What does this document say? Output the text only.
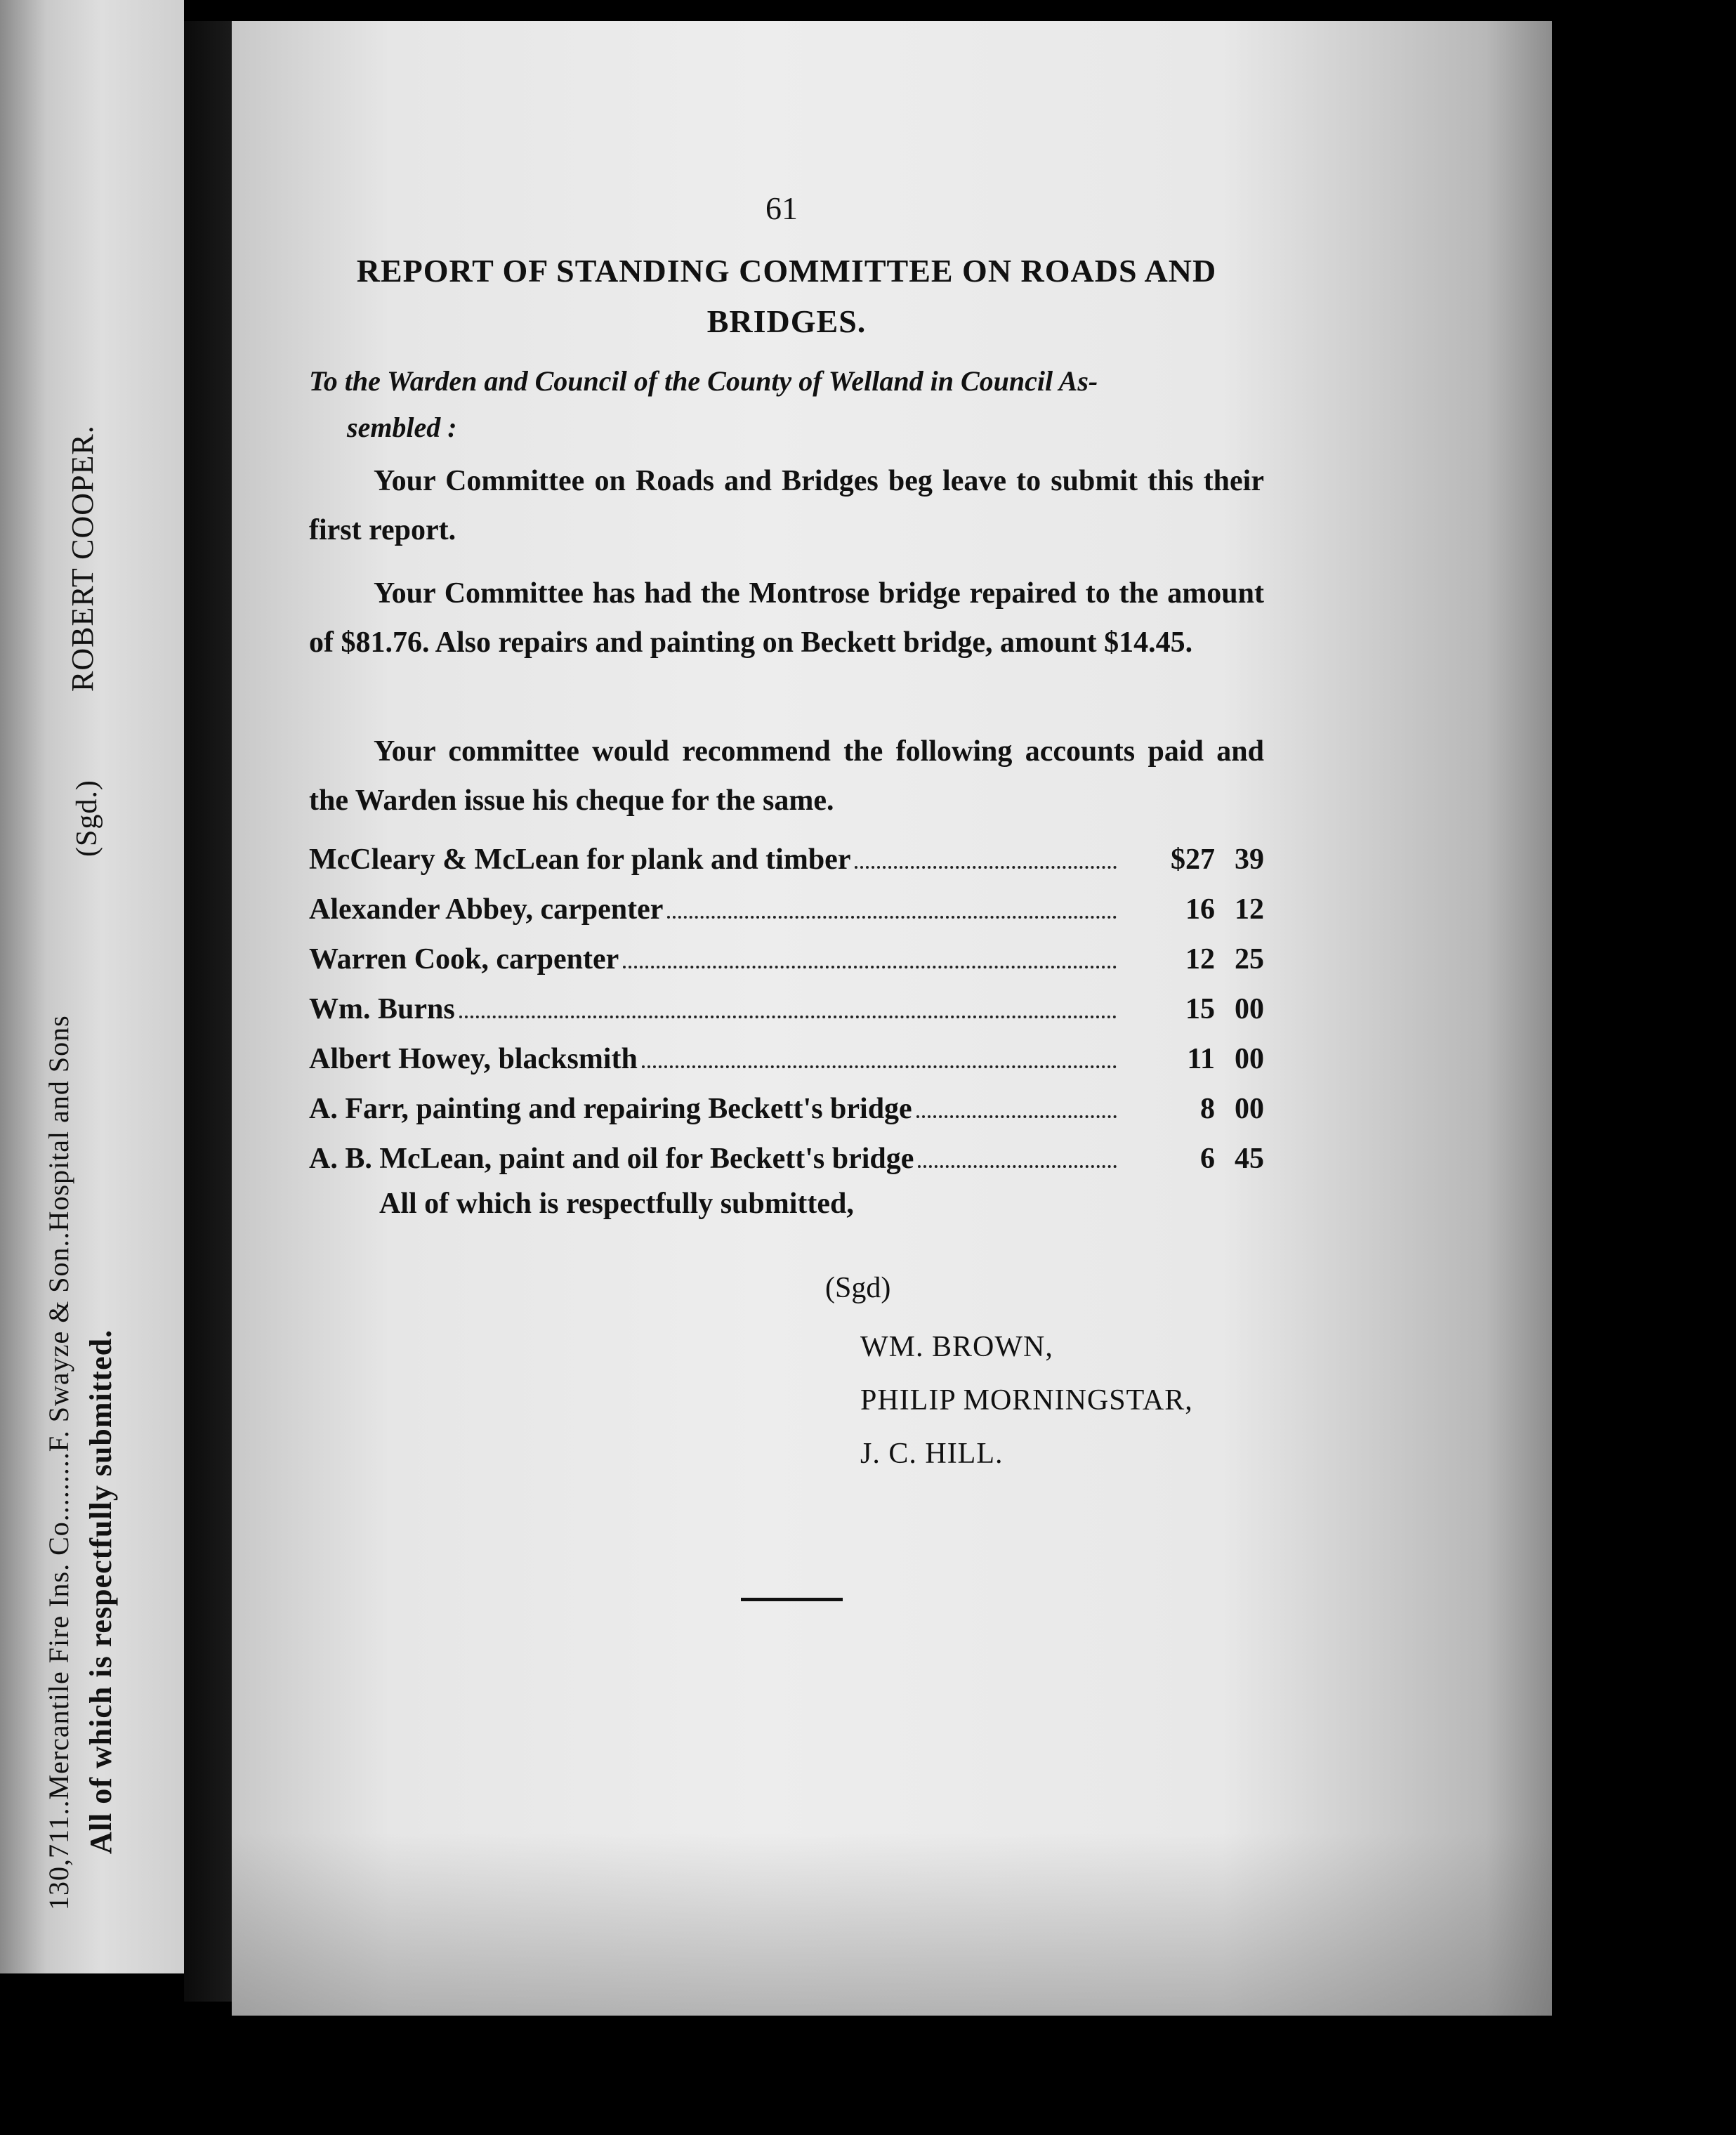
130,711..Mercantile Fire Ins. Co.........F. Swayze & Son..Hospital and Sons All of which is respectfully submitted.
(Sgd.)
ROBERT COOPER.
61
REPORT OF STANDING COMMITTEE ON ROADS AND
BRIDGES.
To the Warden and Council of the County of Welland in Council As-
sembled :
Your Committee on Roads and Bridges beg leave to submit this their first report.
Your Committee has had the Montrose bridge repaired to the amount of $81.76. Also repairs and painting on Beckett bridge, amount $14.45.
Your committee would recommend the following accounts paid and the Warden issue his cheque for the same.
McCleary & McLean for plank and timber	$27 39
Alexander Abbey, carpenter	16 12
Warren Cook, carpenter	12 25
Wm. Burns	15 00
Albert Howey, blacksmith	11 00
A. Farr, painting and repairing Beckett's bridge	8 00
A. B. McLean, paint and oil for Beckett's bridge	6 45
All of which is respectfully submitted,
(Sgd)
WM. BROWN,
PHILIP MORNINGSTAR,
J. C. HILL.
